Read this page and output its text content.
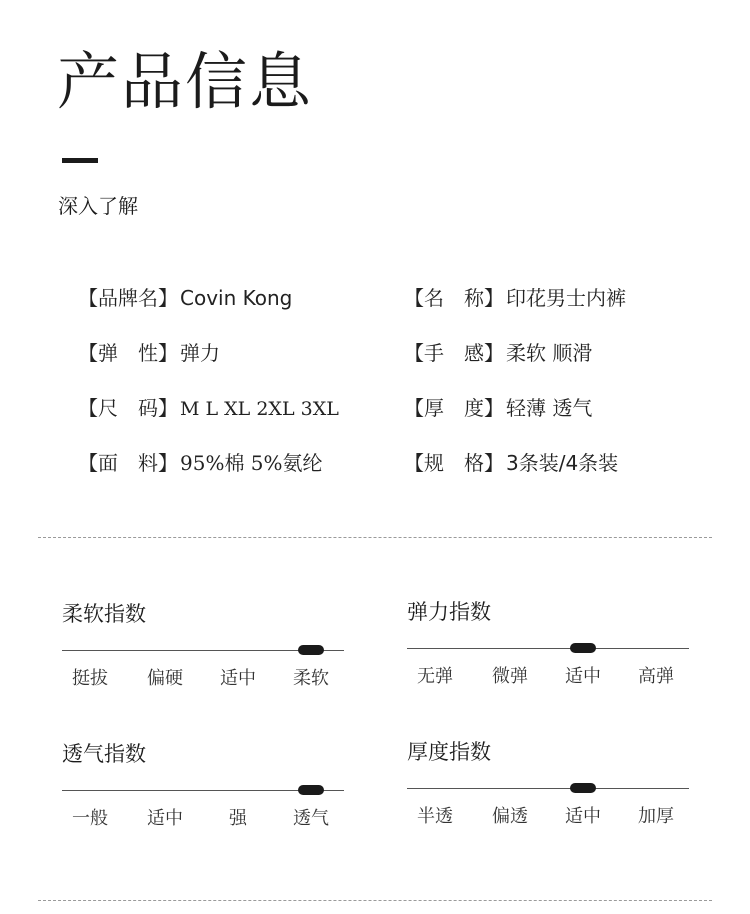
产品信息
深入了解
【品牌名】 Covin Kong	【名　称】 印花男士内裤
【弹　性】 弹力	【手　感】 柔软 顺滑
【尺　码】 M L XL 2XL 3XL	【厚　度】 轻薄 透气
【面　料】 95%棉 5%氨纶	【规　格】 3条装/4条装
柔软指数
挺拔 偏硬 适中 柔软
弹力指数
无弹 微弹 适中 高弹
透气指数
一般 适中	强	透气
厚度指数
半透 偏透 适中 加厚
